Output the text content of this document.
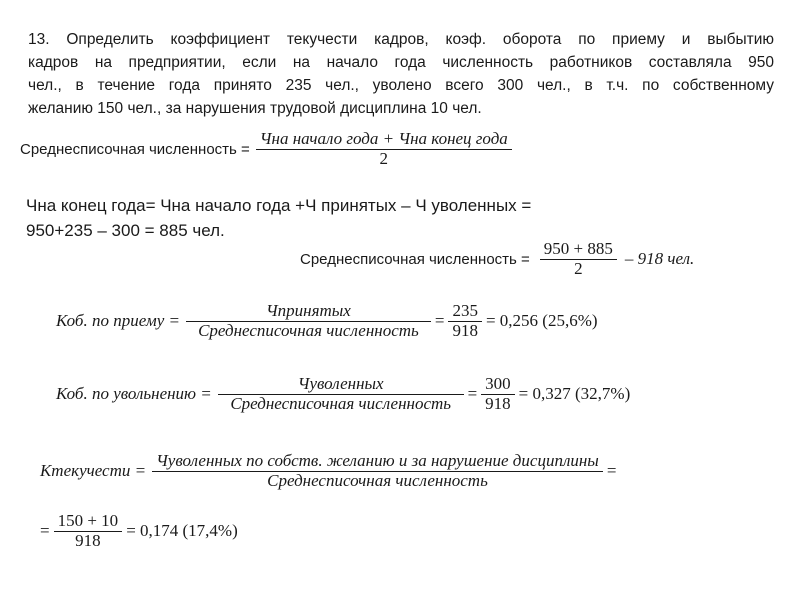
13. Определить коэффициент текучести кадров, коэф. оборота по приему и выбытию
кадров на предприятии, если на начало года численность работников составляла 950
чел., в течение года принято 235 чел., уволено всего 300 чел., в т.ч. по собственному
желанию 150 чел., за нарушения трудовой дисциплина 10 чел.
Среднесписочная численность = $\frac{\text{Чна начало года + Чна конец года}}{2}$
Чна конец года= Чна начало года +Ч принятых – Ч уволенных =
950+235 – 300 = 885 чел.
Среднесписочная численность = $\frac{950 + 885}{2} - 918$ чел.
Коб. по приему = $\frac{\text{Чпринятых}}{\text{Среднесписочная численность}} = \frac{235}{918} = 0,256$ (25,6%)
Коб. по увольнению = $\frac{\text{Чуволенных}}{\text{Среднесписочная численность}} = \frac{300}{918} = 0,327$ (32,7%)
Ктекучести = $\frac{\text{Чуволенных по собств. желанию и за нарушение дисциплины}}{\text{Среднесписочная численность}}$ =
= $\frac{150 + 10}{918} = 0,174$ (17,4%)
